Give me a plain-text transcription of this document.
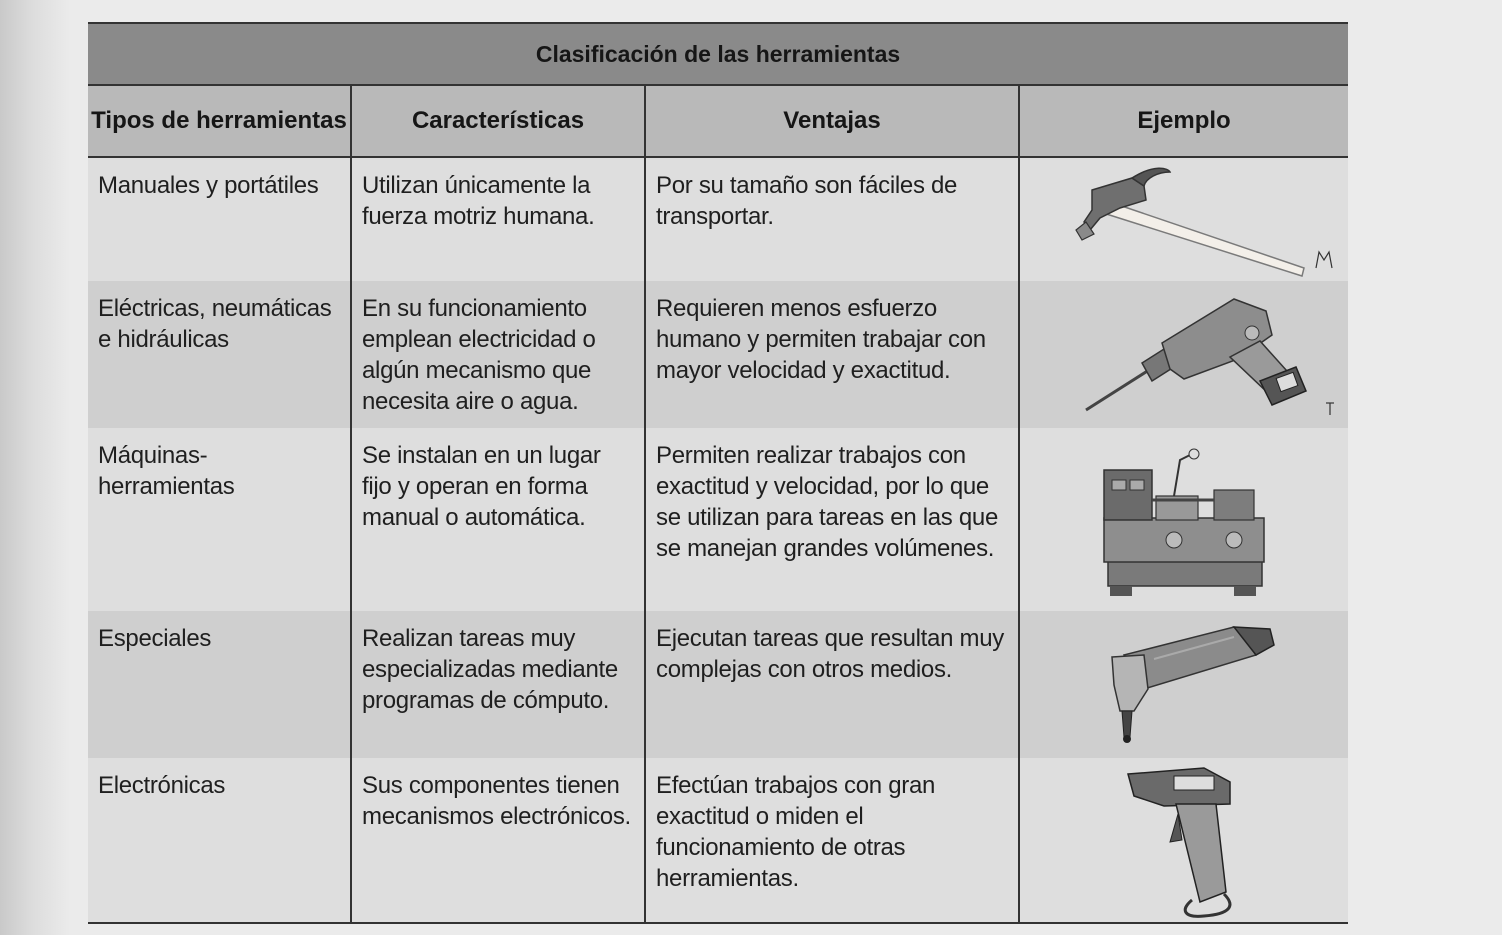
Clasificación de las herramientas			
Tipos de herramientas	Características	Ventajas	Ejemplo

Manuales y portátiles	Utilizan únicamente la fuerza motriz humana.	Por su tamaño son fáciles de transportar.

Eléctricas, neumáticas e hidráulicas	En su funcionamiento emplean electricidad o algún mecanismo que necesita aire o agua.	Requieren menos esfuerzo humano y permiten trabajar con mayor velocidad y exactitud.

Máquinas-herramientas	Se instalan en un lugar fijo y operan en forma manual o automática.	Permiten realizar trabajos con exactitud y velocidad, por lo que se utilizan para tareas en las que se manejan grandes volúmenes.

Especiales	Realizan tareas muy especializadas mediante programas de cómputo.	Ejecutan tareas que resultan muy complejas con otros medios.

Electrónicas	Sus componentes tienen mecanismos electrónicos.	Efectúan trabajos con gran exactitud o miden el funcionamiento de otras herramientas.
